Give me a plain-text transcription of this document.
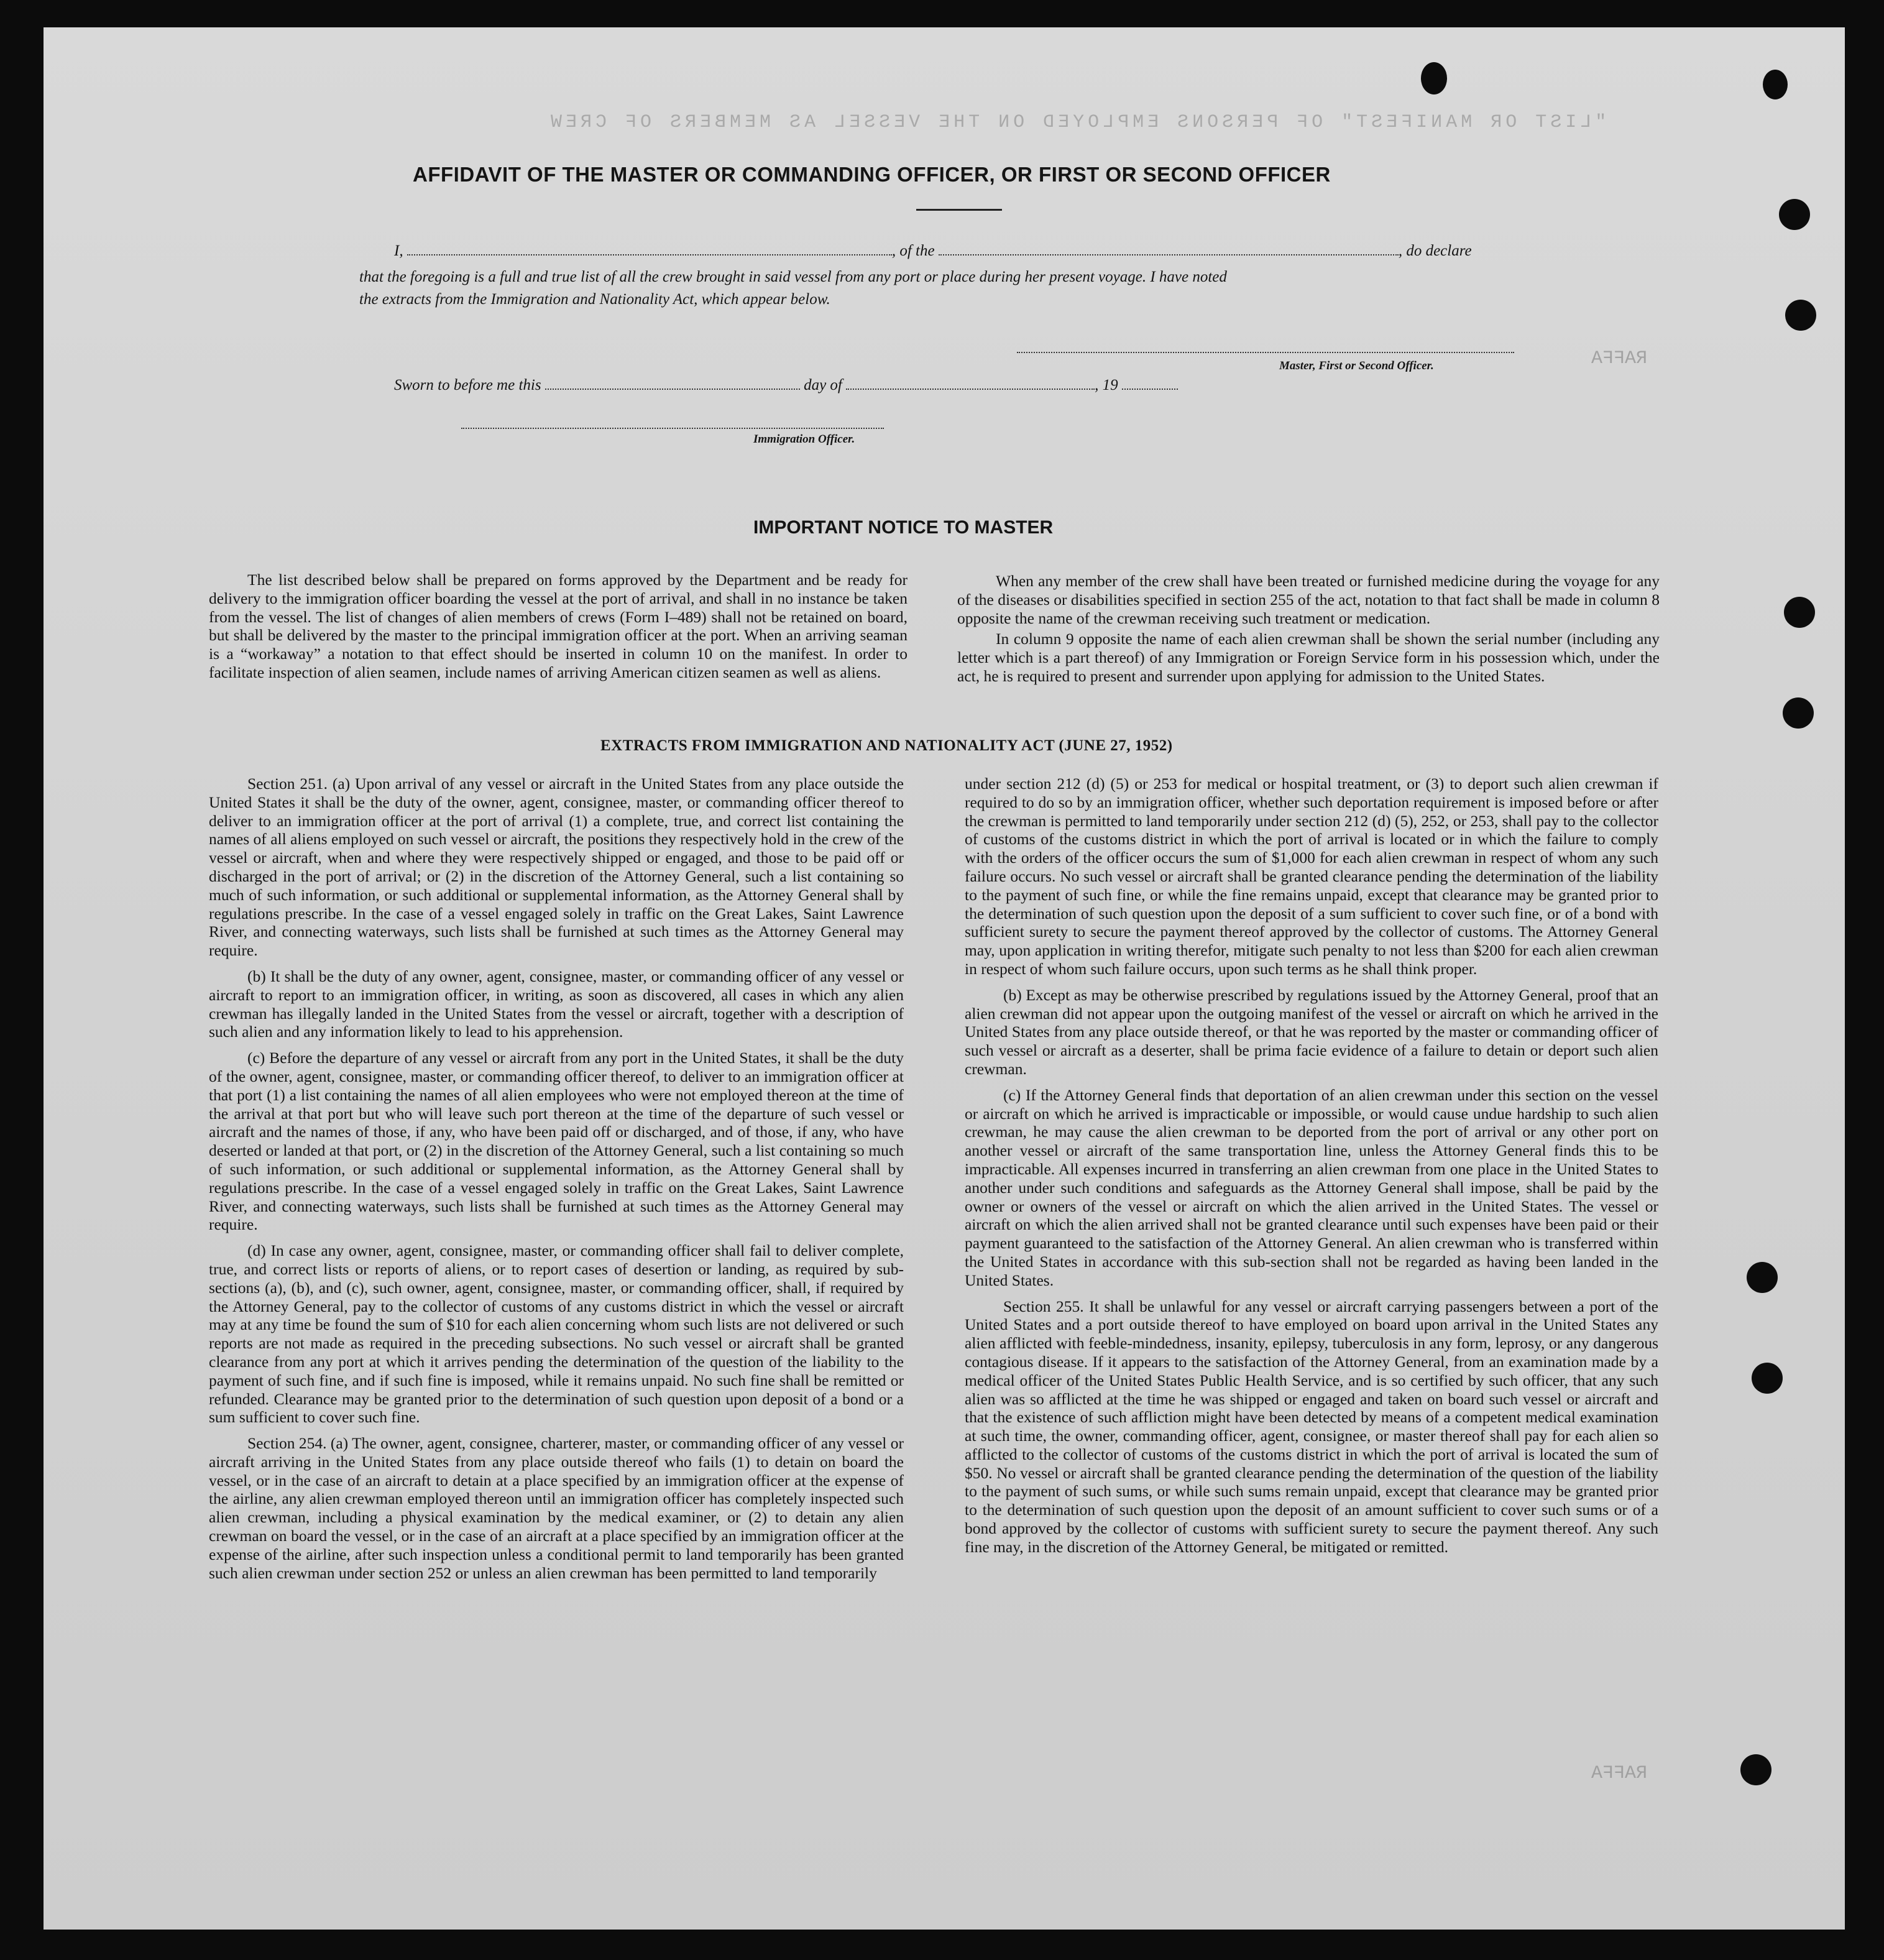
"LIST OR MANIFEST" OF PERSONS EMPLOYED ON THE VESSEL AS MEMBERS OF CREW
RAFFA
RAFFA
AFFIDAVIT OF THE MASTER OR COMMANDING OFFICER, OR FIRST OR SECOND OFFICER
I,	, of the	, do declare
that the foregoing is a full and true list of all the crew brought in said vessel from any port or place during her present voyage. I have noted
the extracts from the Immigration and Nationality Act, which appear below.
Master, First or Second Officer.
Sworn to before me this	day of	, 19
Immigration Officer.
IMPORTANT NOTICE TO MASTER

The list described below shall be prepared on forms approved by the Department and be ready for delivery to the immigration officer boarding the vessel at the port of arrival, and shall in no instance be taken from the vessel. The list of changes of alien members of crews (Form I–489) shall not be retained on board, but shall be delivered by the master to the principal immigration officer at the port. When an arriving seaman is a “workaway” a notation to that effect should be inserted in column 10 on the manifest. In order to facilitate inspection of alien seamen, include names of arriving American citizen seamen as well as aliens.

When any member of the crew shall have been treated or furnished medicine during the voyage for any of the diseases or disabilities specified in section 255 of the act, notation to that fact shall be made in column 8 opposite the name of the crewman receiving such treatment or medication.

In column 9 opposite the name of each alien crewman shall be shown the serial number (including any letter which is a part thereof) of any Immigration or Foreign Service form in his possession which, under the act, he is required to present and surrender upon applying for admission to the United States.

EXTRACTS FROM IMMIGRATION AND NATIONALITY ACT (JUNE 27, 1952)

Section 251. (a) Upon arrival of any vessel or aircraft in the United States from any place outside the United States it shall be the duty of the owner, agent, consignee, master, or commanding officer thereof to deliver to an immigration officer at the port of arrival (1) a complete, true, and correct list containing the names of all aliens employed on such vessel or aircraft, the positions they respectively hold in the crew of the vessel or aircraft, when and where they were respectively shipped or engaged, and those to be paid off or discharged in the port of arrival; or (2) in the discretion of the Attorney General, such a list containing so much of such information, or such additional or supplemental information, as the Attorney General shall by regulations prescribe. In the case of a vessel engaged solely in traffic on the Great Lakes, Saint Lawrence River, and connecting waterways, such lists shall be furnished at such times as the Attorney General may require.

(b) It shall be the duty of any owner, agent, consignee, master, or commanding officer of any vessel or aircraft to report to an immigration officer, in writing, as soon as discovered, all cases in which any alien crewman has illegally landed in the United States from the vessel or aircraft, together with a description of such alien and any information likely to lead to his apprehension.

(c) Before the departure of any vessel or aircraft from any port in the United States, it shall be the duty of the owner, agent, consignee, master, or commanding officer thereof, to deliver to an immigration officer at that port (1) a list containing the names of all alien employees who were not employed thereon at the time of the arrival at that port but who will leave such port thereon at the time of the departure of such vessel or aircraft and the names of those, if any, who have been paid off or discharged, and of those, if any, who have deserted or landed at that port, or (2) in the discretion of the Attorney General, such a list containing so much of such information, or such additional or supplemental information, as the Attorney General shall by regulations prescribe. In the case of a vessel engaged solely in traffic on the Great Lakes, Saint Lawrence River, and connecting waterways, such lists shall be furnished at such times as the Attorney General may require.

(d) In case any owner, agent, consignee, master, or commanding officer shall fail to deliver complete, true, and correct lists or reports of aliens, or to report cases of desertion or landing, as required by sub-sections (a), (b), and (c), such owner, agent, consignee, master, or commanding officer, shall, if required by the Attorney General, pay to the collector of customs of any customs district in which the vessel or aircraft may at any time be found the sum of $10 for each alien concerning whom such lists are not delivered or such reports are not made as required in the preceding subsections. No such vessel or aircraft shall be granted clearance from any port at which it arrives pending the determination of the question of the liability to the payment of such fine, and if such fine is imposed, while it remains unpaid. No such fine shall be remitted or refunded. Clearance may be granted prior to the determination of such question upon deposit of a bond or a sum sufficient to cover such fine.

Section 254. (a) The owner, agent, consignee, charterer, master, or commanding officer of any vessel or aircraft arriving in the United States from any place outside thereof who fails (1) to detain on board the vessel, or in the case of an aircraft to detain at a place specified by an immigration officer at the expense of the airline, any alien crewman employed thereon until an immigration officer has completely inspected such alien crewman, including a physical examination by the medical examiner, or (2) to detain any alien crewman on board the vessel, or in the case of an aircraft at a place specified by an immigration officer at the expense of the airline, after such inspection unless a conditional permit to land temporarily has been granted such alien crewman under section 252 or unless an alien crewman has been permitted to land temporarily

under section 212 (d) (5) or 253 for medical or hospital treatment, or (3) to deport such alien crewman if required to do so by an immigration officer, whether such deportation requirement is imposed before or after the crewman is permitted to land temporarily under section 212 (d) (5), 252, or 253, shall pay to the collector of customs of the customs district in which the port of arrival is located or in which the failure to comply with the orders of the officer occurs the sum of $1,000 for each alien crewman in respect of whom any such failure occurs. No such vessel or aircraft shall be granted clearance pending the determination of the liability to the payment of such fine, or while the fine remains unpaid, except that clearance may be granted prior to the determination of such question upon the deposit of a sum sufficient to cover such fine, or of a bond with sufficient surety to secure the payment thereof approved by the collector of customs. The Attorney General may, upon application in writing therefor, mitigate such penalty to not less than $200 for each alien crewman in respect of whom such failure occurs, upon such terms as he shall think proper.

(b) Except as may be otherwise prescribed by regulations issued by the Attorney General, proof that an alien crewman did not appear upon the outgoing manifest of the vessel or aircraft on which he arrived in the United States from any place outside thereof, or that he was reported by the master or commanding officer of such vessel or aircraft as a deserter, shall be prima facie evidence of a failure to detain or deport such alien crewman.

(c) If the Attorney General finds that deportation of an alien crewman under this section on the vessel or aircraft on which he arrived is impracticable or impossible, or would cause undue hardship to such alien crewman, he may cause the alien crewman to be deported from the port of arrival or any other port on another vessel or aircraft of the same transportation line, unless the Attorney General finds this to be impracticable. All expenses incurred in transferring an alien crewman from one place in the United States to another under such conditions and safeguards as the Attorney General shall impose, shall be paid by the owner or owners of the vessel or aircraft on which the alien arrived in the United States. The vessel or aircraft on which the alien arrived shall not be granted clearance until such expenses have been paid or their payment guaranteed to the satisfaction of the Attorney General. An alien crewman who is transferred within the United States in accordance with this sub-section shall not be regarded as having been landed in the United States.

Section 255. It shall be unlawful for any vessel or aircraft carrying passengers between a port of the United States and a port outside thereof to have employed on board upon arrival in the United States any alien afflicted with feeble-mindedness, insanity, epilepsy, tuberculosis in any form, leprosy, or any dangerous contagious disease. If it appears to the satisfaction of the Attorney General, from an examination made by a medical officer of the United States Public Health Service, and is so certified by such officer, that any such alien was so afflicted at the time he was shipped or engaged and taken on board such vessel or aircraft and that the existence of such affliction might have been detected by means of a competent medical examination at such time, the owner, commanding officer, agent, consignee, or master thereof shall pay for each alien so afflicted to the collector of customs of the customs district in which the port of arrival is located the sum of $50. No vessel or aircraft shall be granted clearance pending the determination of the question of the liability to the payment of such sums, or while such sums remain unpaid, except that clearance may be granted prior to the determination of such question upon the deposit of an amount sufficient to cover such sums or of a bond approved by the collector of customs with sufficient surety to secure the payment thereof. Any such fine may, in the discretion of the Attorney General, be mitigated or remitted.
